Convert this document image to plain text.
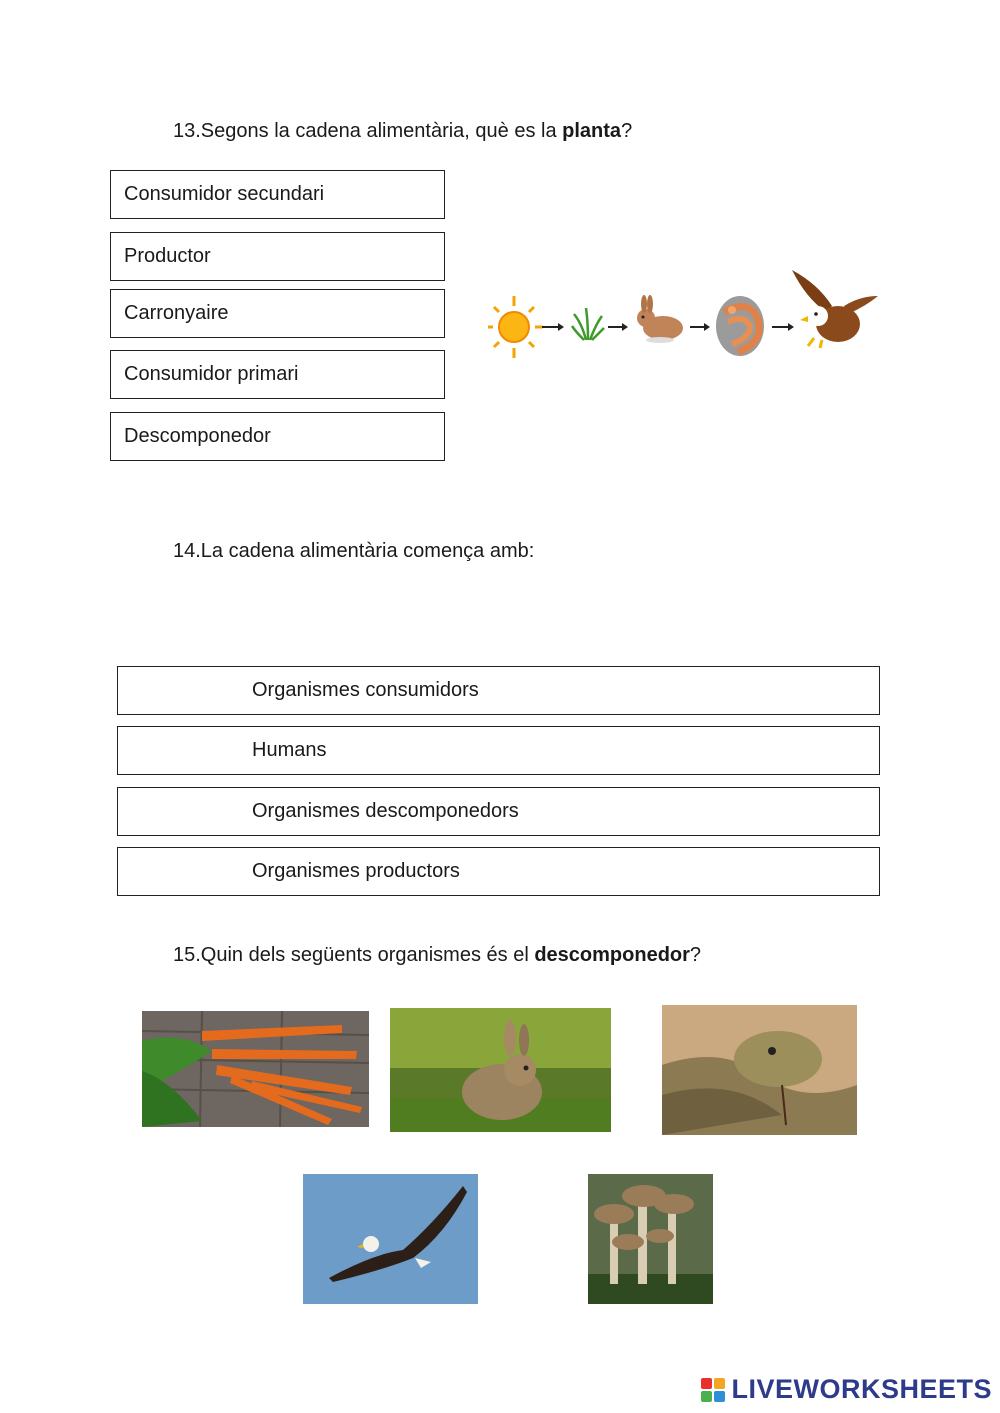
13.Segons la cadena alimentària, què es la planta?
Consumidor secundari
Productor
Carronyaire
Consumidor primari
Descomponedor
14.La cadena alimentària comença amb:
Organismes consumidors
Humans
Organismes descomponedors
Organismes productors
15.Quin dels següents organismes és el descomponedor?
LIVEWORKSHEETS
